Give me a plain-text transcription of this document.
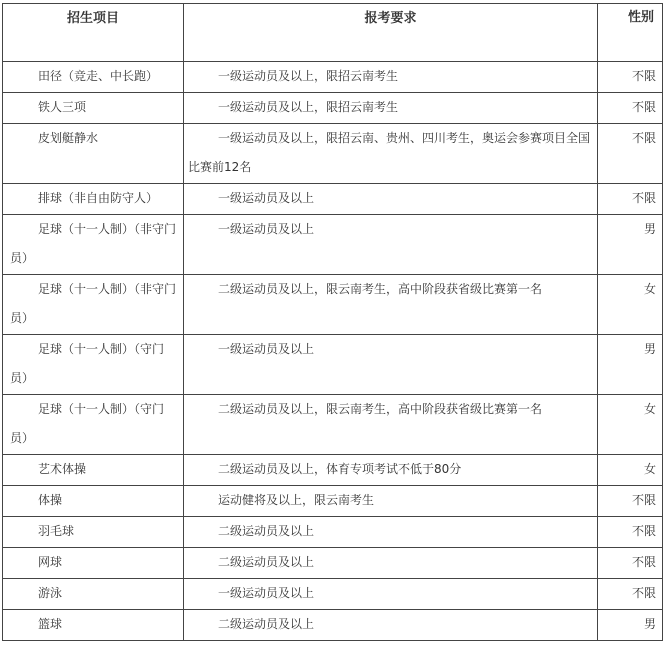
招生项目	报考要求	性别
田径（竞走、中长跑）	一级运动员及以上，限招云南考生	不限
铁人三项	一级运动员及以上，限招云南考生	不限
皮划艇静水	一级运动员及以上，限招云南、贵州、四川考生，奥运会参赛项目全国比赛前12名	不限
排球（非自由防守人）	一级运动员及以上	不限
足球（十一人制）（非守门员）	一级运动员及以上	男
足球（十一人制）（非守门员）	二级运动员及以上，限云南考生，高中阶段获省级比赛第一名	女
足球（十一人制）（守门员）	一级运动员及以上	男
足球（十一人制）（守门员）	二级运动员及以上，限云南考生，高中阶段获省级比赛第一名	女
艺术体操	二级运动员及以上，体育专项考试不低于80分	女
体操	运动健将及以上，限云南考生	不限
羽毛球	二级运动员及以上	不限
网球	二级运动员及以上	不限
游泳	一级运动员及以上	不限
篮球	二级运动员及以上	男
